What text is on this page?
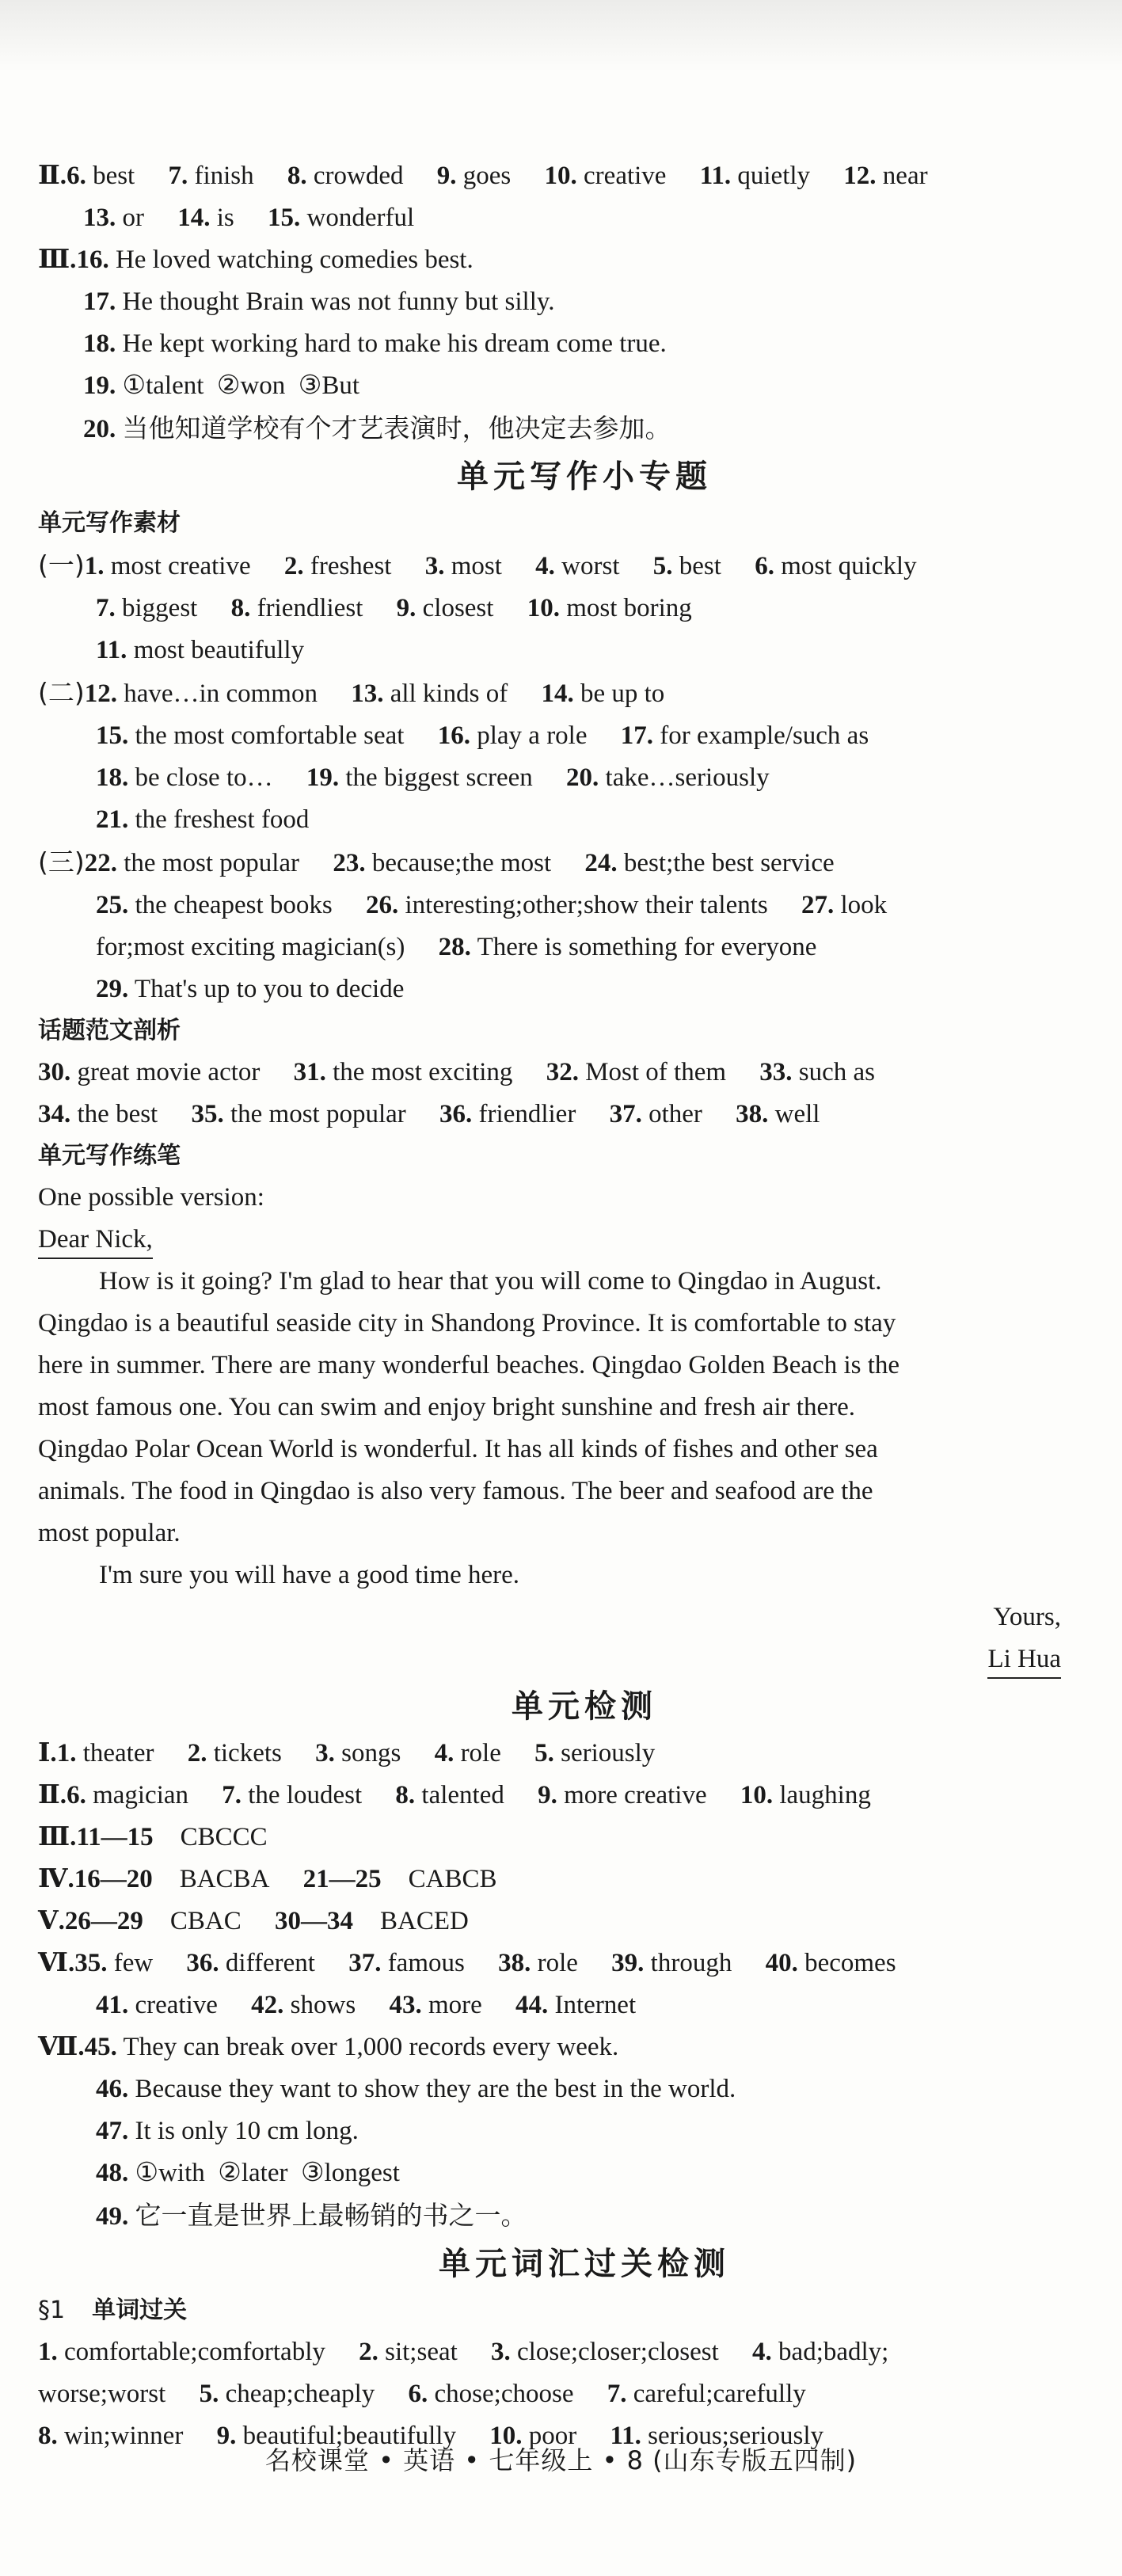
Ⅱ.6. best 7. finish 8. crowded 9. goes 10. creative 11. quietly 12. near
13. or 14. is 15. wonderful
Ⅲ.16. He loved watching comedies best.
17. He thought Brain was not funny but silly.
18. He kept working hard to make his dream come true.
19. ①talent  ②won  ③But
20. 当他知道学校有个才艺表演时，他决定去参加。
单元写作小专题
单元写作素材
(一)1. most creative 2. freshest 3. most 4. worst 5. best 6. most quickly
7. biggest 8. friendliest 9. closest 10. most boring
11. most beautifully
(二)12. have…in common 13. all kinds of 14. be up to
15. the most comfortable seat 16. play a role 17. for example/such as
18. be close to… 19. the biggest screen 20. take…seriously
21. the freshest food
(三)22. the most popular 23. because;the most 24. best;the best service
25. the cheapest books 26. interesting;other;show their talents 27. look
for;most exciting magician(s) 28. There is something for everyone
29. That's up to you to decide
话题范文剖析
30. great movie actor 31. the most exciting 32. Most of them 33. such as
34. the best 35. the most popular 36. friendlier 37. other 38. well
单元写作练笔
One possible version:
Dear Nick,
How is it going? I'm glad to hear that you will come to Qingdao in August.
Qingdao is a beautiful seaside city in Shandong Province. It is comfortable to stay
here in summer. There are many wonderful beaches. Qingdao Golden Beach is the
most famous one. You can swim and enjoy bright sunshine and fresh air there.
Qingdao Polar Ocean World is wonderful. It has all kinds of fishes and other sea
animals. The food in Qingdao is also very famous. The beer and seafood are the
most popular.
I'm sure you will have a good time here.
Yours,
Li Hua
单元检测
Ⅰ.1. theater 2. tickets 3. songs 4. role 5. seriously
Ⅱ.6. magician 7. the loudest 8. talented 9. more creative 10. laughing
Ⅲ.11—15 CBCCC
Ⅳ.16—20 BACBA 21—25 CABCB
Ⅴ.26—29 CBAC 30—34 BACED
Ⅵ.35. few 36. different 37. famous 38. role 39. through 40. becomes
41. creative 42. shows 43. more 44. Internet
Ⅶ.45. They can break over 1,000 records every week.
46. Because they want to show they are the best in the world.
47. It is only 10 cm long.
48. ①with  ②later  ③longest
49. 它一直是世界上最畅销的书之一。
单元词汇过关检测
§1 单词过关
1. comfortable;comfortably 2. sit;seat 3. close;closer;closest 4. bad;badly;
worse;worst 5. cheap;cheaply 6. chose;choose 7. careful;carefully
8. win;winner 9. beautiful;beautifully 10. poor 11. serious;seriously
名校课堂 • 英语 • 七年级上 • 8 (山东专版五四制)
